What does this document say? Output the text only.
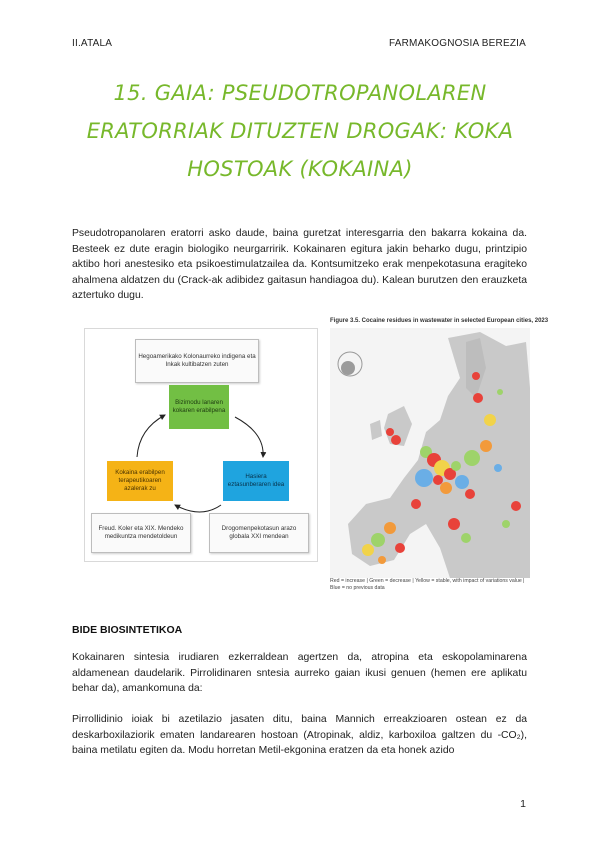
II.ATALA	FARMAKOGNOSIA BEREZIA
15. GAIA: PSEUDOTROPANOLAREN
ERATORRIAK DITUZTEN DROGAK: KOKA
HOSTOAK (KOKAINA)
Pseudotropanolaren eratorri asko daude, baina guretzat interesgarria den bakarra kokaina da. Besteek ez dute eragin biologiko neurgarririk. Kokainaren egitura jakin beharko dugu, printzipio aktibo hori anestesiko eta psikoestimulatzailea da. Kontsumitzeko erak menpekotasuna eragiteko ahalmena aldatzen du (Crack-ak adibidez gaitasun handiagoa du). Kalean burutzen den erauzketa aztertuko dugu.
Hegoamerikako Kolonaurreko indigena eta Inkak kultibatzen zuten
Bizimodu lanaren kokaren erabilpena
Kokaina erabilpen terapeutikoaren azalerak zu
Hasiera eztasunberaren idea
Freud. Koler eta XIX. Mendeko medikuntza mendetoldeun
Drogomenpekotasun arazo globala XXI mendean
Figure 3.5. Cocaine residues in wastewater in selected European cities, 2023
Red = increase | Green = decrease | Yellow = stable, with impact of variations value | Blue = no previous data
BIDE BIOSINTETIKOA
Kokainaren sintesia irudiaren ezkerraldean agertzen da, atropina eta eskopolaminarena aldamenean daudelarik. Pirrolidinaren sntesia aurreko gaian ikusi genuen (hemen ere aplikatu behar da), amankomuna da:
Pirrollidinio ioiak bi azetilazio jasaten ditu, baina Mannich erreakzioaren ostean ez da deskarboxilaziorik ematen landarearen hostoan (Atropinak, aldiz, karboxiloa galtzen du -CO₂), baina metilatu egiten da. Modu horretan Metil-ekgonina eratzen da eta honek azido
1
